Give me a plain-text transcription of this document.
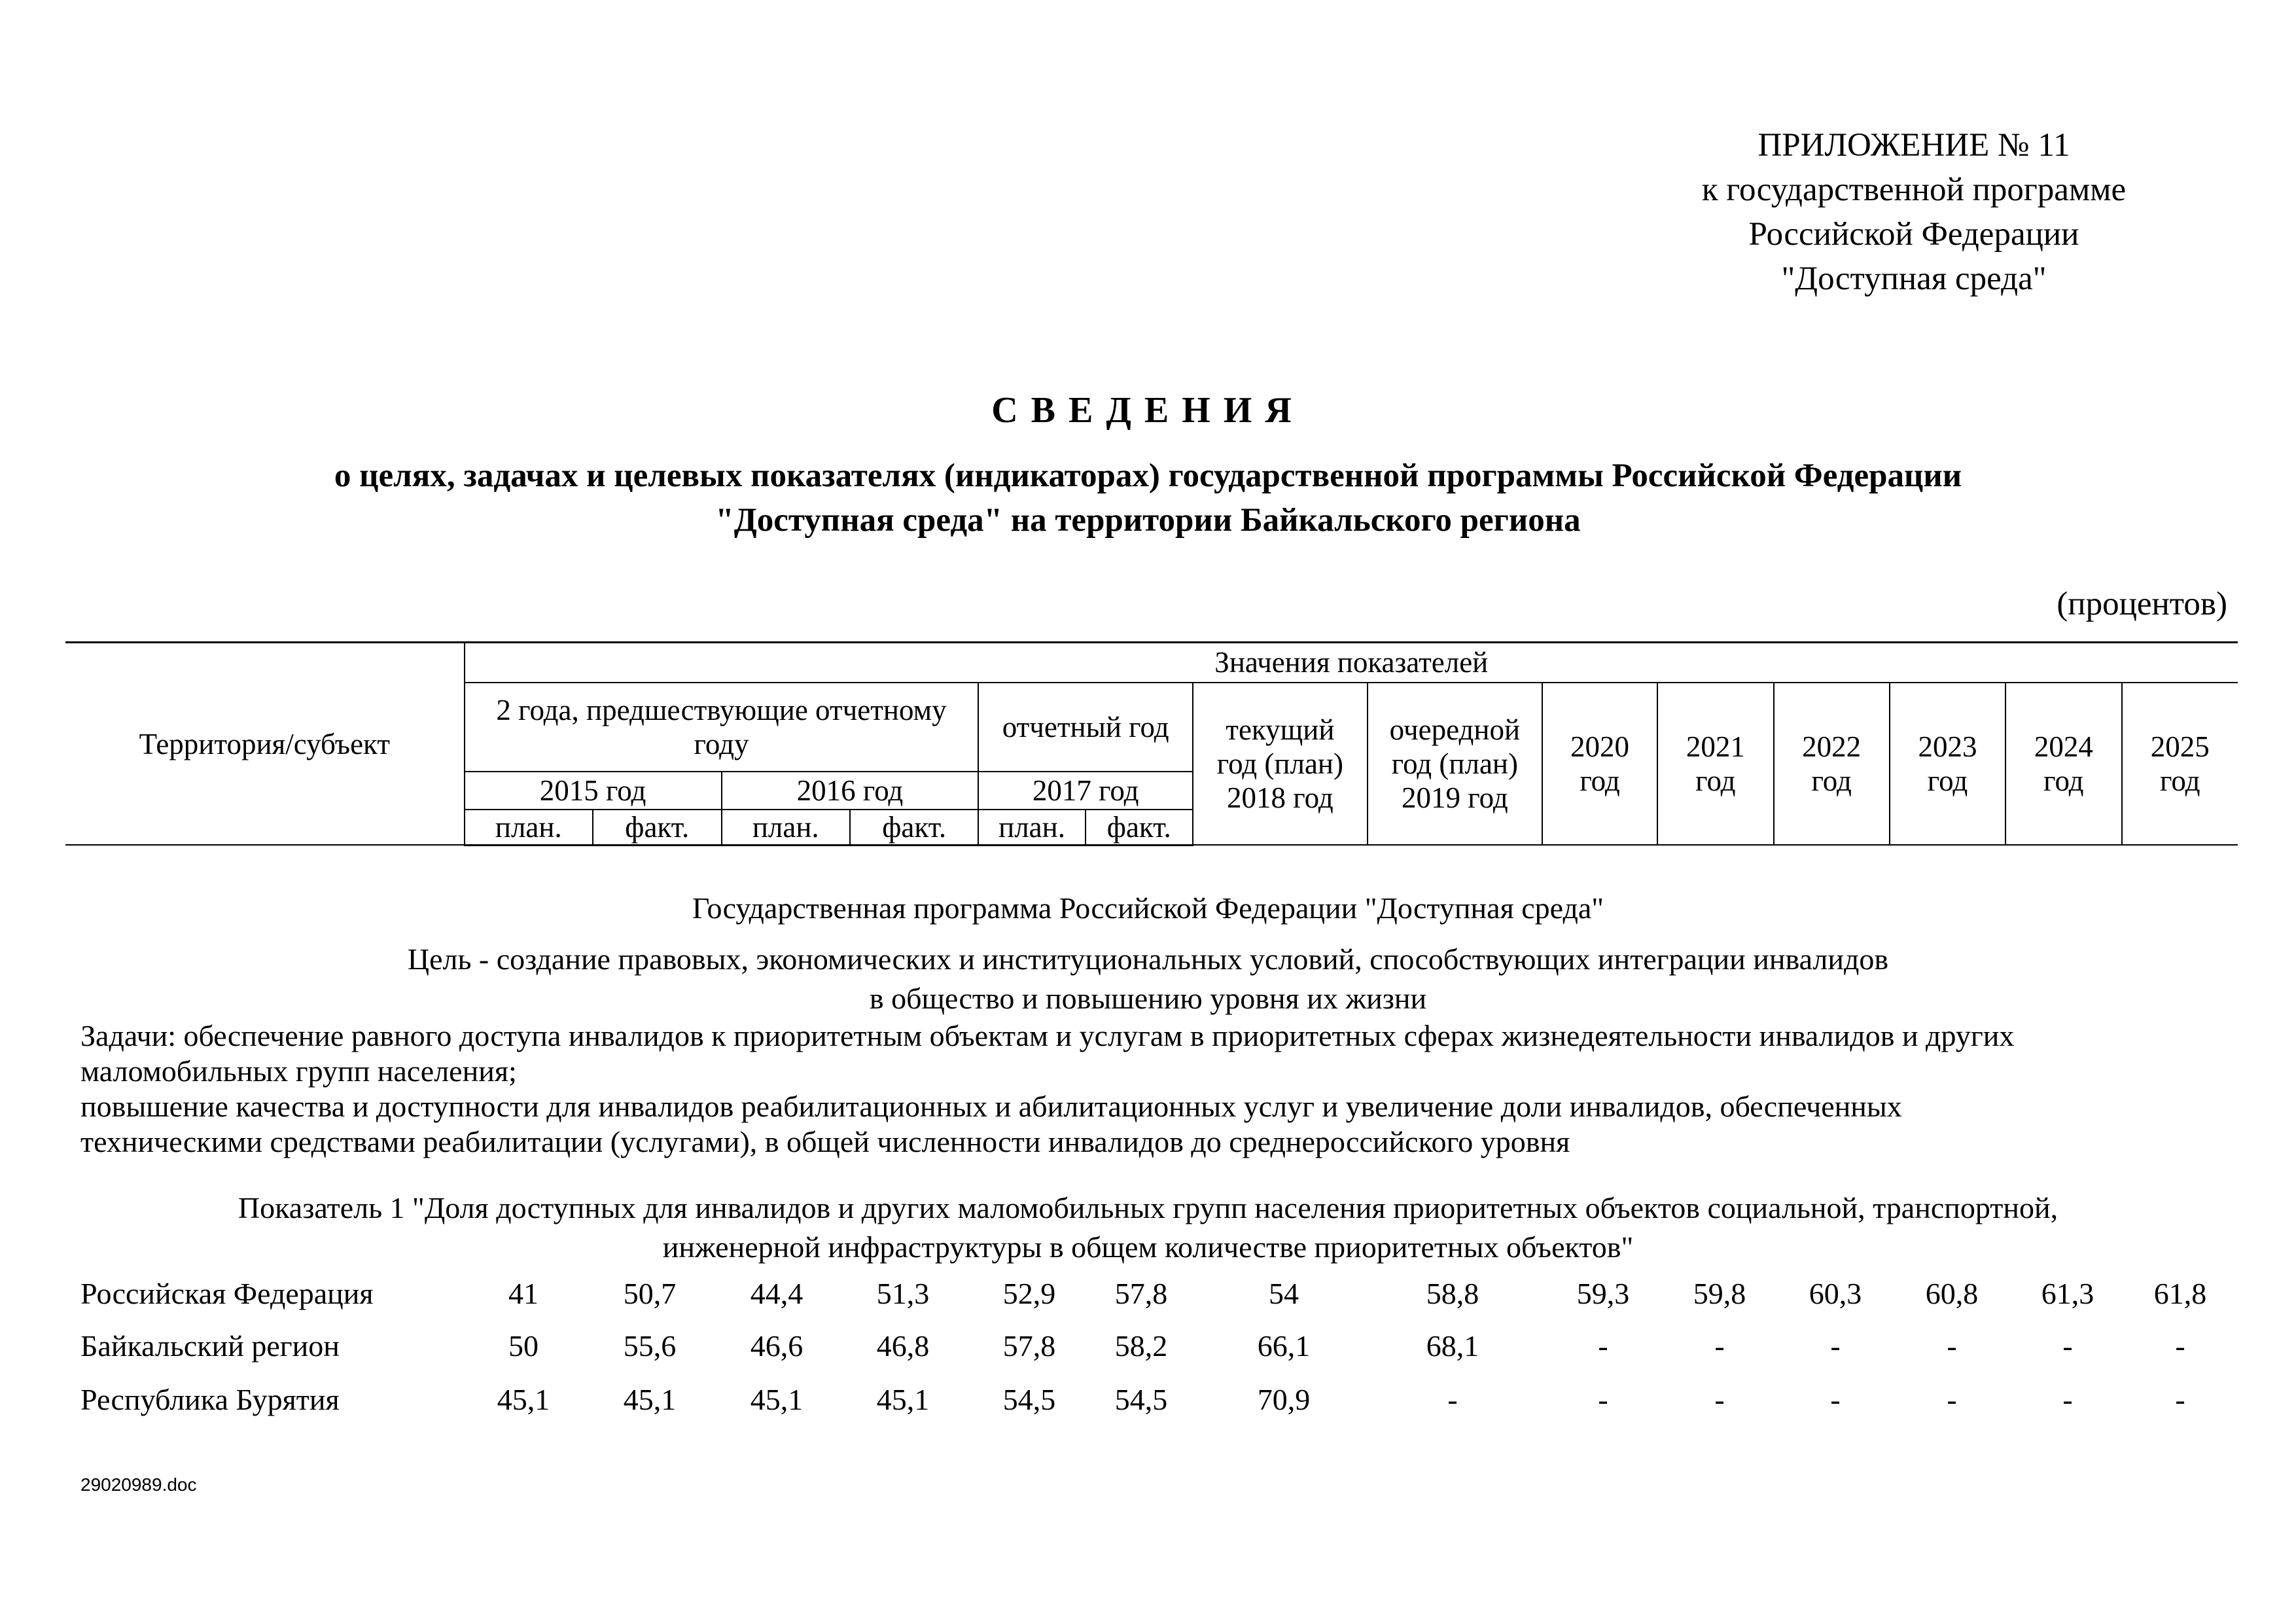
ПРИЛОЖЕНИЕ № 11
к государственной программе
Российской Федерации
"Доступная среда"
СВЕДЕНИЯ
о целях, задачах и целевых показателях (индикаторах) государственной программы Российской Федерации
"Доступная среда" на территории Байкальского региона
(процентов)
Территория/субъект	Значения показателей													
	2 года, предшествующие отчетному году				отчетный год		текущий год (план) 2018 год	очередной год (план) 2019 год	2020 год	2021 год	2022 год	2023 год	2024 год	2025 год
	2015 год		2016 год		2017 год									
	план.	факт.	план.	факт.	план.	факт.								
Государственная программа Российской Федерации "Доступная среда"
Цель - создание правовых, экономических и институциональных условий, способствующих интеграции инвалидов
в общество и повышению уровня их жизни
Задачи: обеспечение равного доступа инвалидов к приоритетным объектам и услугам в приоритетных сферах жизнедеятельности инвалидов и других
маломобильных групп населения;
повышение качества и доступности для инвалидов реабилитационных и абилитационных услуг и увеличение доли инвалидов, обеспеченных
техническими средствами реабилитации (услугами), в общей численности инвалидов до среднероссийского уровня
Показатель 1 "Доля доступных для инвалидов и других маломобильных групп населения приоритетных объектов социальной, транспортной,
инженерной инфраструктуры в общем количестве приоритетных объектов"
Российская Федерация	41	50,7	44,4	51,3	52,9	57,8	54	58,8	59,3	59,8	60,3	60,8	61,3	61,8
Байкальский регион	50	55,6	46,6	46,8	57,8	58,2	66,1	68,1	-	-	-	-	-	-
Республика Бурятия	45,1	45,1	45,1	45,1	54,5	54,5	70,9	-	-	-	-	-	-	-
29020989.doc
